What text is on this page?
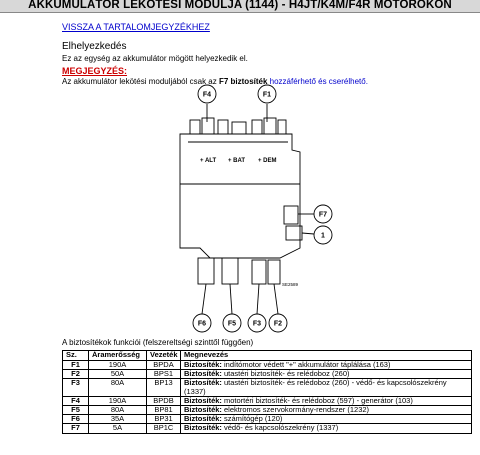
AKKUMULÁTOR LEKÖTÉSI MODULJA (1144) - H4JT/K4M/F4R MOTOROKON
VISSZA A TARTALOMJEGYZÉKHEZ
Elhelyezkedés
Ez az egység az akkumulátor mögött helyezkedik el.
MEGJEGYZÉS:
Az akkumulátor lekötési moduljából csak az F7 biztosíték hozzáférhető és cserélhető.
F4	F1
F7
1
F6	F5 F3 F2
+ ALT + BAT + DEM
SE2589
A biztosítékok funkciói (felszereltségi szinttől függően)
Sz.	Áramerősség	Vezeték	Megnevezés
F1	190A	BPDA	Biztosíték: indítómotor védett "+" akkumulátor táplálása (163)
F2	50A	BPS1	Biztosíték: utastéri biztosíték- és relédoboz (260)
F3	80A	BP13	Biztosíték: utastéri biztosíték- és relédoboz (260) - védő- és kapcsolószekrény (1337)
F4	190A	BPDB	Biztosíték: motortéri biztosíték- és relédoboz (597) - generátor (103)
F5	80A	BP81	Biztosíték: elektromos szervokormány-rendszer (1232)
F6	35A	BP31	Biztosíték: számítógép (120)
F7	5A	BP1C	Biztosíték: védő- és kapcsolószekrény (1337)
